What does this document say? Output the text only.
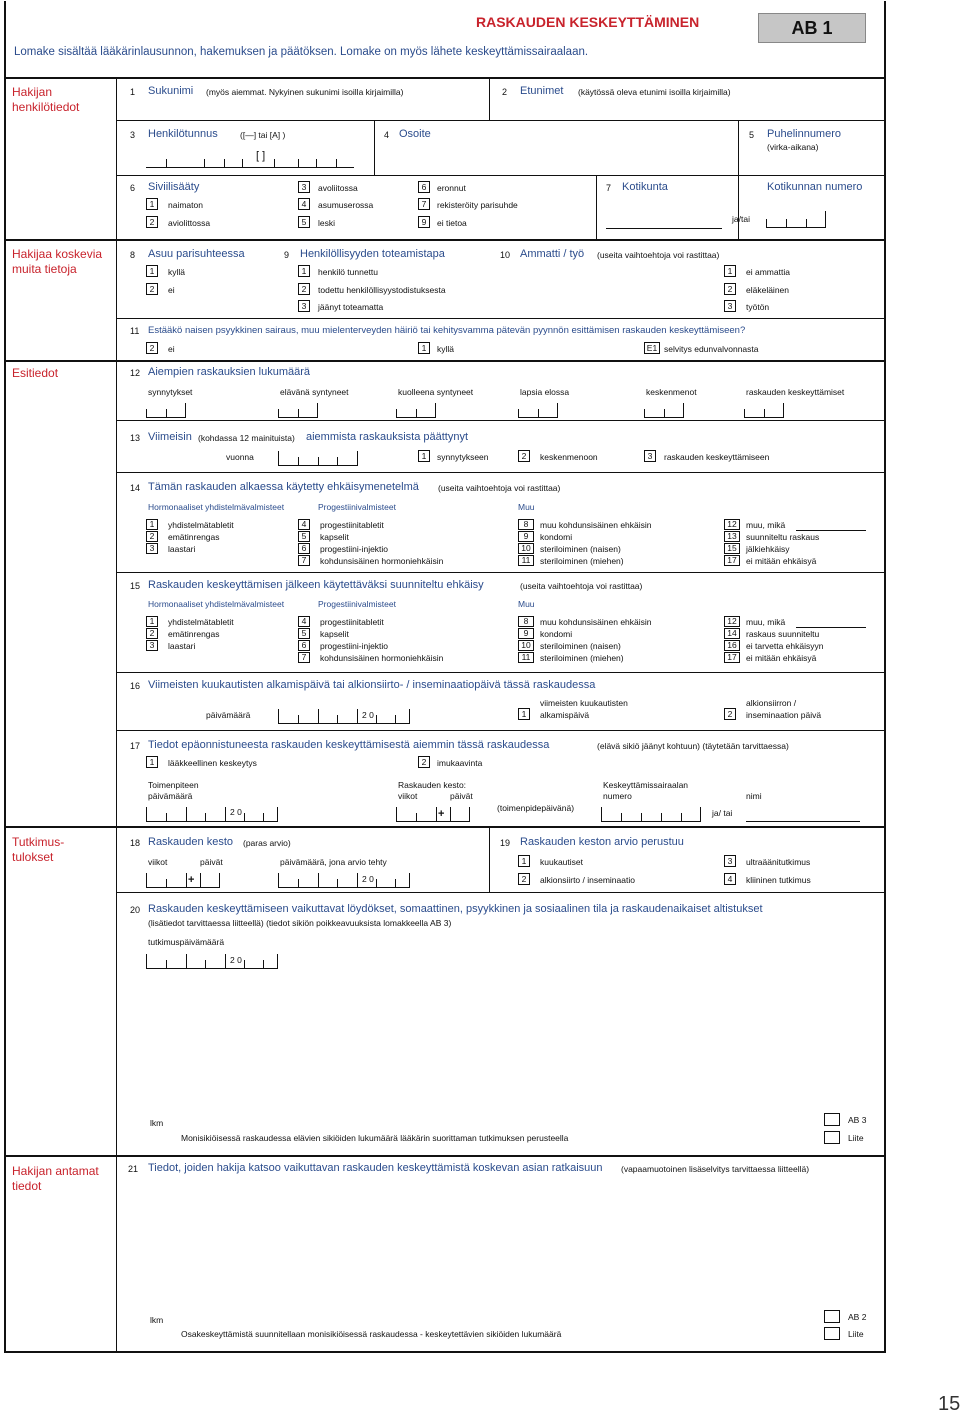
RASKAUDEN KESKEYTTÄMINEN	AB 1
Lomake sisältää lääkärinlausunnon, hakemuksen ja päätöksen. Lomake on myös lähete keskeyttämissairaalaan.
Hakijan henkilötiedot
Hakijaa koskevia muita tietoja
Esitiedot
Tutkimus-tulokset
Hakijan antamat tiedot
1 Sukunimi (myös aiemmat. Nykyinen sukunimi isoilla kirjaimilla)	2 Etunimet (käytössä oleva etunimi isoilla kirjaimilla)
3 Henkilötunnus	([—] tai [A] )
[ ]
4 Osoite	5 Puhelinnumero
(virka-aikana)
6 Siviilisääty
1	naimaton
2	aviolittossa
3	avoliitossa
4	asumuserossa
5	leski
6	eronnut
7	rekisteröity parisuhde
9	ei tietoa
7 Kotikunta	Kotikunnan numero
ja/tai
8 Asuu parisuhteessa
1	kyllä
2	ei
9 Henkilöllisyyden toteamistapa
1	henkilö tunnettu
2	todettu henkilöllisyystodistuksesta
3	jäänyt toteamatta
10 Ammatti / työ (useita vaihtoehtoja voi rastittaa)
1	ei ammattia
2	eläkeläinen
3	työtön
11 Estääkö naisen psyykkinen sairaus, muu mielenterveyden häiriö tai kehitysvamma pätevän pyynnön esittämisen raskauden keskeyttämiseen?
2	ei	1	kyllä	E1 selvitys edunvalvonnasta
12 Aiempien raskauksien lukumäärä
synnytykset	elävänä syntyneet	kuolleena syntyneet	lapsia elossa	keskenmenot	raskauden keskeyttämiset
13 Viimeisin (kohdassa 12 mainituista) aiemmista raskauksista päättynyt
vuonna	1	synnytykseen	2	keskenmenoon	3	raskauden keskeyttämiseen
14 Tämän raskauden alkaessa käytetty ehkäisymenetelmä (useita vaihtoehtoja voi rastittaa)
Hormonaaliset yhdistelmävalmisteet	Progestiinivalmisteet	Muu
1	yhdistelmätabletit
2	emätinrengas
3	laastari
4	progestiinitabletit
5	kapselit
6	progestiini-injektio
7	kohdunsisäinen hormoniehkäisin
8	muu kohdunsisäinen ehkäisin
9	kondomi
10	steriloiminen (naisen)
11	steriloiminen (miehen)
12	muu, mikä
13	suunniteltu raskaus
15	jälkiehkäisy
17	ei mitään ehkäisyä
15 Raskauden keskeyttämisen jälkeen käytettäväksi suunniteltu ehkäisy	(useita vaihtoehtoja voi rastittaa)
Hormonaaliset yhdistelmävalmisteet	Progestiinivalmisteet	Muu
1	yhdistelmätabletit
2	emätinrengas
3	laastari
4	progestiinitabletit
5	kapselit
6	progestiini-injektio
7	kohdunsisäinen hormoniehkäisin
8	muu kohdunsisäinen ehkäisin
9	kondomi
10	steriloiminen (naisen)
11	steriloiminen (miehen)
12	muu, mikä
14	raskaus suunniteltu
16	ei tarvetta ehkäisyyn
17	ei mitään ehkäisyä
16 Viimeisten kuukautisten alkamispäivä tai alkionsiirto- / inseminaatiopäivä tässä raskaudessa
päivämäärä	2 0
viimeisten kuukautisten
1	alkamispäivä
alkionsiirron /
2	inseminaation päivä
17 Tiedot epäonnistuneesta raskauden keskeyttämisestä aiemmin tässä raskaudessa	(elävä sikiö jäänyt kohtuun) (täytetään tarvittaessa)
1	lääkkeellinen keskeytys	2	imukaavinta
Toimenpiteen
päivämäärä
2 0
Raskauden kesto:
viikot	päivät
+	(toimenpidepäivänä)
Keskeyttämissairaalan
numero	nimi
ja/ tai
18 Raskauden kesto (paras arvio)
viikot	päivät	päivämäärä, jona arvio tehty
+	2 0
19 Raskauden keston arvio perustuu
1	kuukautiset
2	alkionsiirto / inseminaatio
3	ultraäänitutkimus
4	kliininen tutkimus
20 Raskauden keskeyttämiseen vaikuttavat löydökset, somaattinen, psyykkinen ja sosiaalinen tila ja raskaudenaikaiset altistukset
(lisätiedot tarvittaessa liitteellä) (tiedot sikiön poikkeavuuksista lomakkeella AB 3)
tutkimuspäivämäärä
2 0
lkm
Monisikiöisessä raskaudessa elävien sikiöiden lukumäärä lääkärin suorittaman tutkimuksen perusteella
AB 3
Liite
21 Tiedot, joiden hakija katsoo vaikuttavan raskauden keskeyttämistä koskevan asian ratkaisuun (vapaamuotoinen lisäselvitys tarvittaessa liitteellä)
lkm
Osakeskeyttämistä suunnitellaan monisikiöisessä raskaudessa - keskeytettävien sikiöiden lukumäärä
AB 2
Liite
15
